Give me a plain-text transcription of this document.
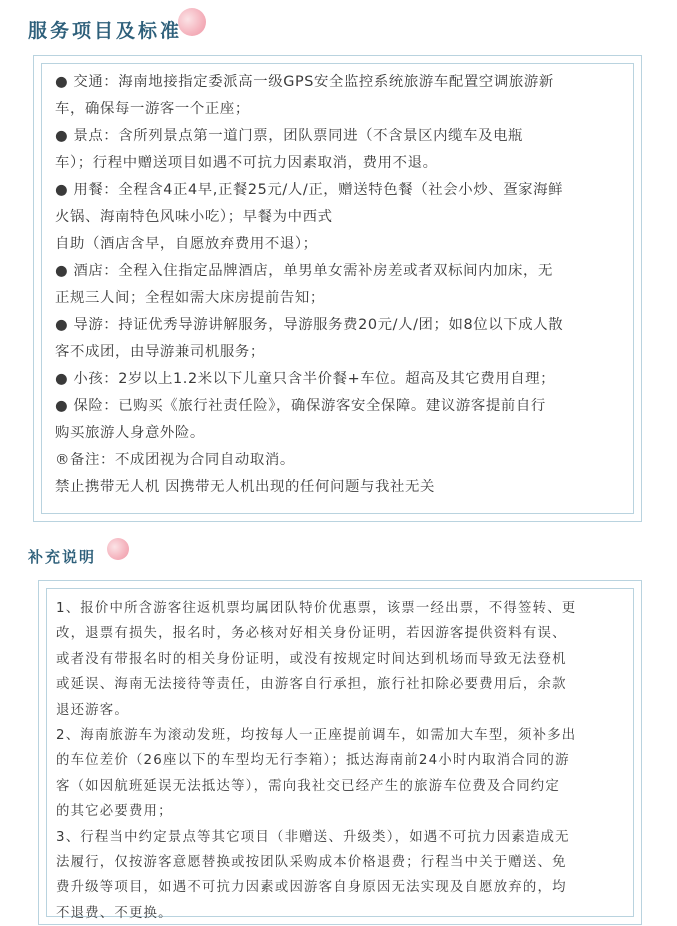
服务项目及标准

● 交通：海南地接指定委派高一级GPS安全监控系统旅游车配置空调旅游新

车，确保每一游客一个正座；

● 景点：含所列景点第一道门票，团队票同进（不含景区内缆车及电瓶

车）；行程中赠送项目如遇不可抗力因素取消，费用不退。

● 用餐：全程含4正4早,正餐25元/人/正，赠送特色餐（社会小炒、疍家海鲜

火锅、海南特色风味小吃）；早餐为中西式

自助（酒店含早，自愿放弃费用不退）；

● 酒店：全程入住指定品牌酒店，单男单女需补房差或者双标间内加床，无

正规三人间；全程如需大床房提前告知；

● 导游：持证优秀导游讲解服务，导游服务费20元/人/团；如8位以下成人散

客不成团，由导游兼司机服务；

● 小孩：2岁以上1.2米以下儿童只含半价餐+车位。超高及其它费用自理；

● 保险：已购买《旅行社责任险》，确保游客安全保障。建议游客提前自行

购买旅游人身意外险。

®备注：不成团视为合同自动取消。

禁止携带无人机 因携带无人机出现的任何问题与我社无关

补充说明

1、报价中所含游客往返机票均属团队特价优惠票，该票一经出票，不得签转、更

改，退票有损失，报名时，务必核对好相关身份证明，若因游客提供资料有误、

或者没有带报名时的相关身份证明，或没有按规定时间达到机场而导致无法登机

或延误、海南无法接待等责任，由游客自行承担，旅行社扣除必要费用后，余款

退还游客。

2、海南旅游车为滚动发班，均按每人一正座提前调车，如需加大车型，须补多出

的车位差价（26座以下的车型均无行李箱）；抵达海南前24小时内取消合同的游

客（如因航班延误无法抵达等），需向我社交已经产生的旅游车位费及合同约定

的其它必要费用；

3、行程当中约定景点等其它项目（非赠送、升级类），如遇不可抗力因素造成无

法履行，仅按游客意愿替换或按团队采购成本价格退费；行程当中关于赠送、免

费升级等项目，如遇不可抗力因素或因游客自身原因无法实现及自愿放弃的，均

不退费、不更换。
